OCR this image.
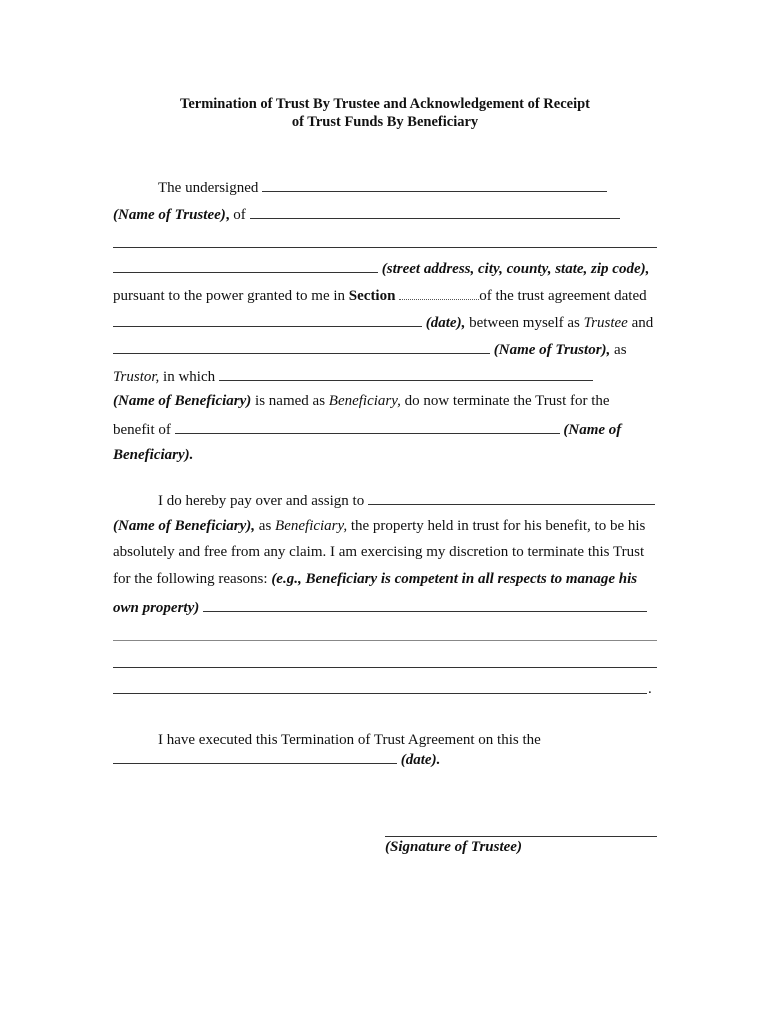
Termination of Trust By Trustee and Acknowledgement of Receipt
of Trust Funds By Beneficiary
The undersigned
(Name of Trustee), of
(street address, city, county, state, zip code),
pursuant to the power granted to me in Section	of the trust agreement dated
(date), between myself as Trustee and
(Name of Trustor), as
Trustor, in which
(Name of Beneficiary) is named as Beneficiary, do now terminate the Trust for the
benefit of	(Name of
Beneficiary).
I do hereby pay over and assign to
(Name of Beneficiary), as Beneficiary, the property held in trust for his benefit, to be his
absolutely and free from any claim. I am exercising my discretion to terminate this Trust
for the following reasons: (e.g., Beneficiary is competent in all respects to manage his
own property)
.
I have executed this Termination of Trust Agreement on this the
(date).
(Signature of Trustee)
